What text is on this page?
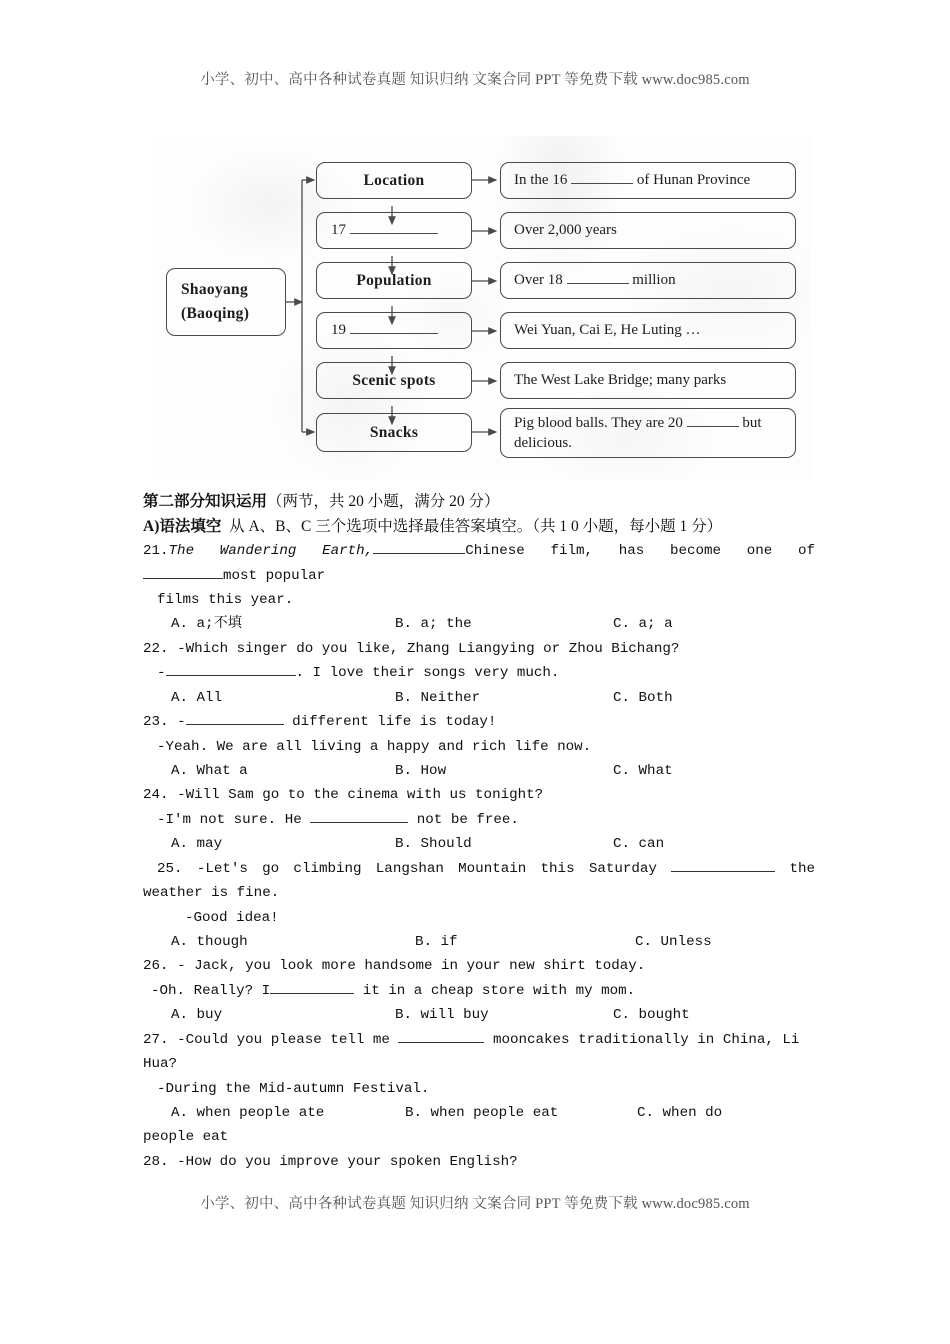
小学、初中、高中各种试卷真题 知识归纳 文案合同 PPT 等免费下载 www.doc985.com
Shaoyang
(Baoqing)
Location
17
Population
19
Scenic spots
Snacks
In the 16	of Hunan Province
Over 2,000 years
Over 18	million
Wei Yuan, Cai E, He Luting …
The West Lake Bridge; many parks
Pig blood balls. They are 20	but delicious.
第二部分知识运用（两节，共 20 小题，满分 20 分）
A)语法填空 从 A、B、C 三个选项中选择最佳答案填空。（共 1 0 小题，每小题 1 分）
21.The Wandering Earth,	Chinese film, has become one of
most popular
films this year.
A. a;不填	B. a; the	C. a; a
22. -Which singer do you like, Zhang Liangying or Zhou Bichang?
-	. I love their songs very much.
A. All	B. Neither	C. Both
23. -	different life is today!
-Yeah. We are all living a happy and rich life now.
A. What a	B. How	C. What
24. -Will Sam go to the cinema with us tonight?
-I'm not sure. He	not be free.
A. may	B. Should	C. can
25. -Let's go climbing Langshan Mountain this Saturday	the
weather is fine.
-Good idea!
A. though	B. if	C. Unless
26. - Jack, you look more handsome in your new shirt today.
-Oh. Really? I	it in a cheap store with my mom.
A. buy	B. will buy	C. bought
27. -Could you please tell me	mooncakes traditionally in China, Li
Hua?
-During the Mid-autumn Festival.
A. when people ate	B. when people eat	C. when do
people eat
28. -How do you improve your spoken English?
小学、初中、高中各种试卷真题 知识归纳 文案合同 PPT 等免费下载 www.doc985.com
